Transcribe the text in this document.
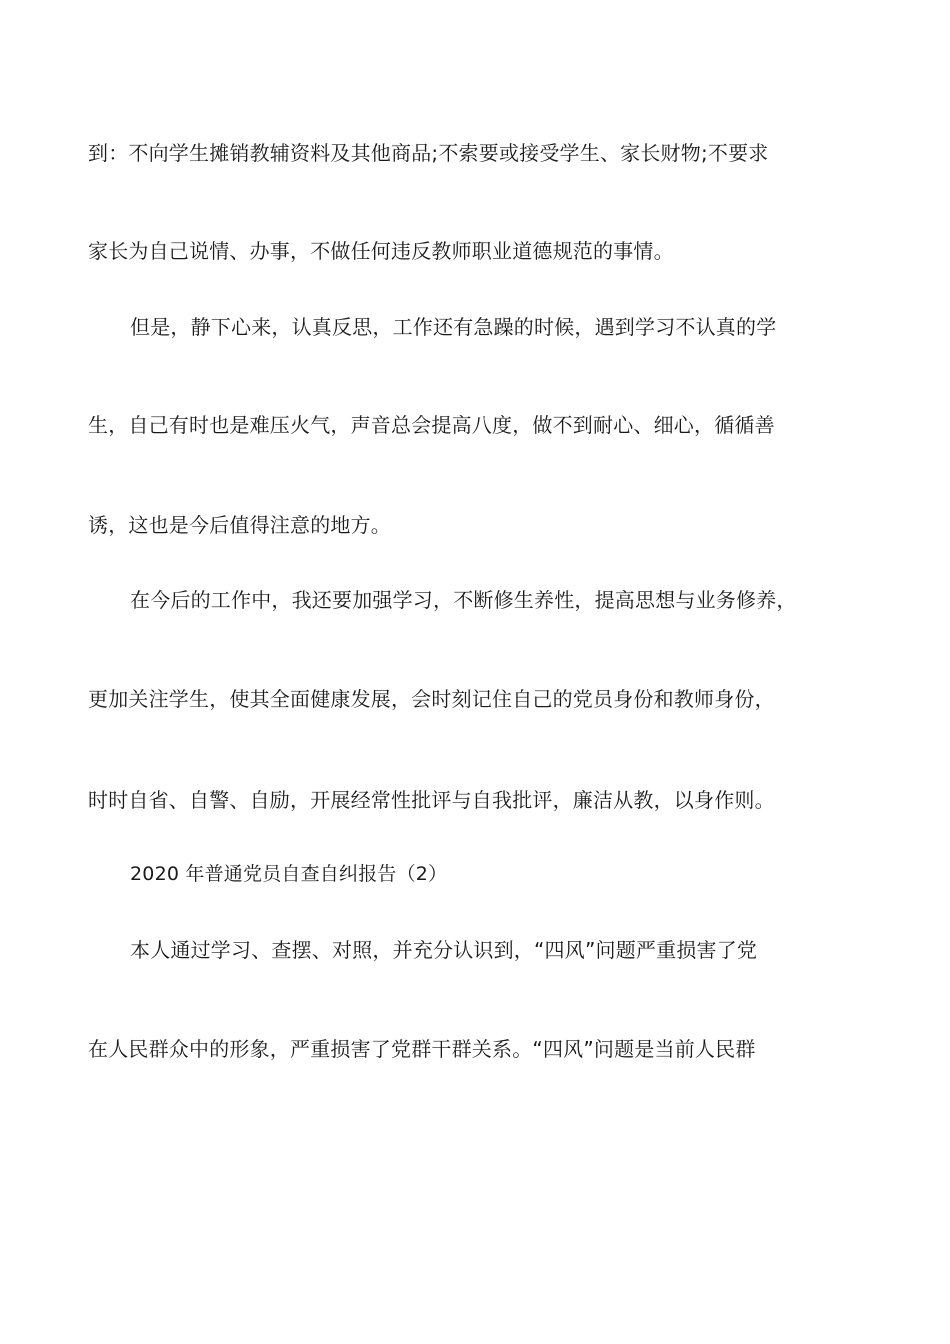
到：不向学生摊销教辅资料及其他商品;不索要或接受学生、家长财物;不要求
家长为自己说情、办事，不做任何违反教师职业道德规范的事情。
但是，静下心来，认真反思，工作还有急躁的时候，遇到学习不认真的学
生，自己有时也是难压火气，声音总会提高八度，做不到耐心、细心，循循善
诱，这也是今后值得注意的地方。
在今后的工作中，我还要加强学习，不断修生养性，提高思想与业务修养，
更加关注学生，使其全面健康发展，会时刻记住自己的党员身份和教师身份，
时时自省、自警、自励，开展经常性批评与自我批评，廉洁从教，以身作则。
2020 年普通党员自查自纠报告（2）
本人通过学习、查摆、对照，并充分认识到，“四风”问题严重损害了党
在人民群众中的形象，严重损害了党群干群关系。“四风”问题是当前人民群
